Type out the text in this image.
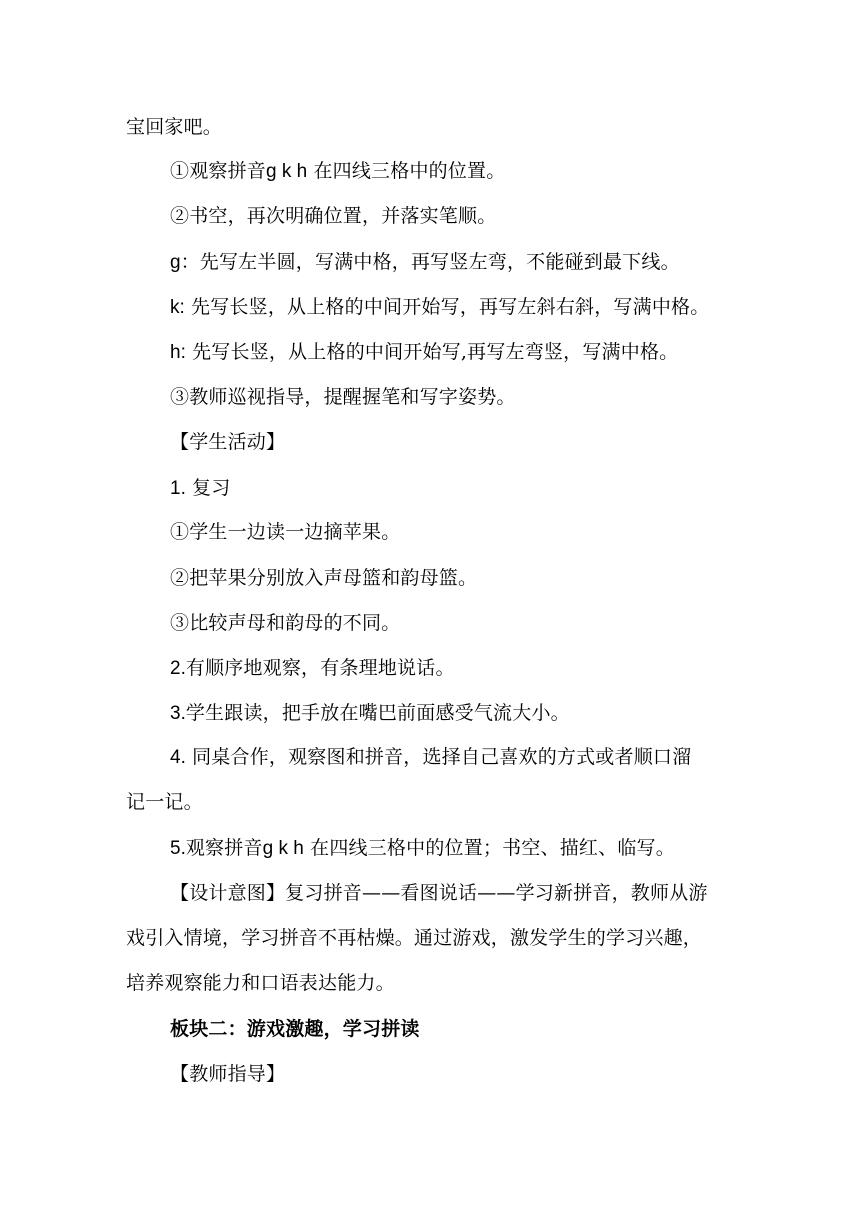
宝回家吧。
①观察拼音g k h 在四线三格中的位置。
②书空，再次明确位置，并落实笔顺。
g：先写左半圆，写满中格，再写竖左弯，不能碰到最下线。
k: 先写长竖，从上格的中间开始写，再写左斜右斜，写满中格。
h: 先写长竖，从上格的中间开始写,再写左弯竖，写满中格。
③教师巡视指导，提醒握笔和写字姿势。
【学生活动】
1. 复习
①学生一边读一边摘苹果。
②把苹果分别放入声母篮和韵母篮。
③比较声母和韵母的不同。
2.有顺序地观察，有条理地说话。
3.学生跟读，把手放在嘴巴前面感受气流大小。
4. 同桌合作，观察图和拼音，选择自己喜欢的方式或者顺口溜
记一记。
5.观察拼音g k h 在四线三格中的位置；书空、描红、临写。
【设计意图】复习拼音——看图说话——学习新拼音，教师从游
戏引入情境，学习拼音不再枯燥。通过游戏，激发学生的学习兴趣，
培养观察能力和口语表达能力。
板块二：游戏激趣，学习拼读
【教师指导】
